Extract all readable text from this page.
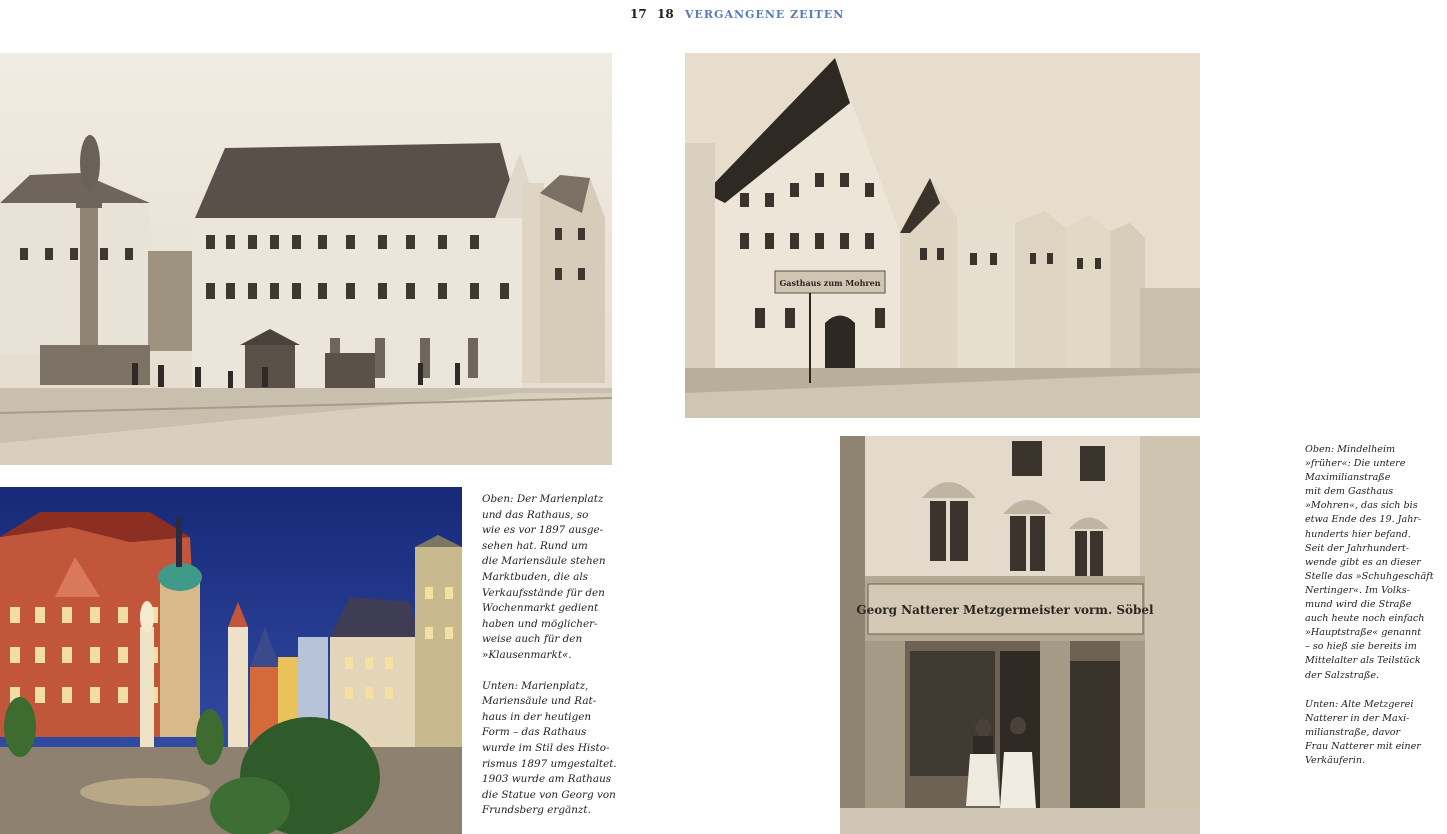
17 18 VERGANGENE ZEITEN

Oben: Der Marienplatz
und das Rathaus, so
wie es vor 1897 ausge-
sehen hat. Rund um
die Mariensäule stehen
Marktbuden, die als
Verkaufsstände für den
Wochenmarkt gedient
haben und möglicher-
weise auch für den
»Klausenmarkt«.

Unten: Marienplatz,
Mariensäule und Rat-
haus in der heutigen
Form – das Rathaus
wurde im Stil des Histo-
rismus 1897 umgestaltet.
1903 wurde am Rathaus
die Statue von Georg von
Frundsberg ergänzt.

Gasthaus zum Mohren
Georg Natterer Metzgermeister vorm. Söbel

Oben: Mindelheim
»früher«: Die untere
Maximilianstraße
mit dem Gasthaus
»Mohren«, das sich bis
etwa Ende des 19. Jahr-
hunderts hier befand.
Seit der Jahrhundert-
wende gibt es an dieser
Stelle das »Schuhgeschäft
Nertinger«. Im Volks-
mund wird die Straße
auch heute noch einfach
»Hauptstraße« genannt
– so hieß sie bereits im
Mittelalter als Teilstück
der Salzstraße.

Unten: Alte Metzgerei
Natterer in der Maxi-
milianstraße, davor
Frau Natterer mit einer
Verkäuferin.
